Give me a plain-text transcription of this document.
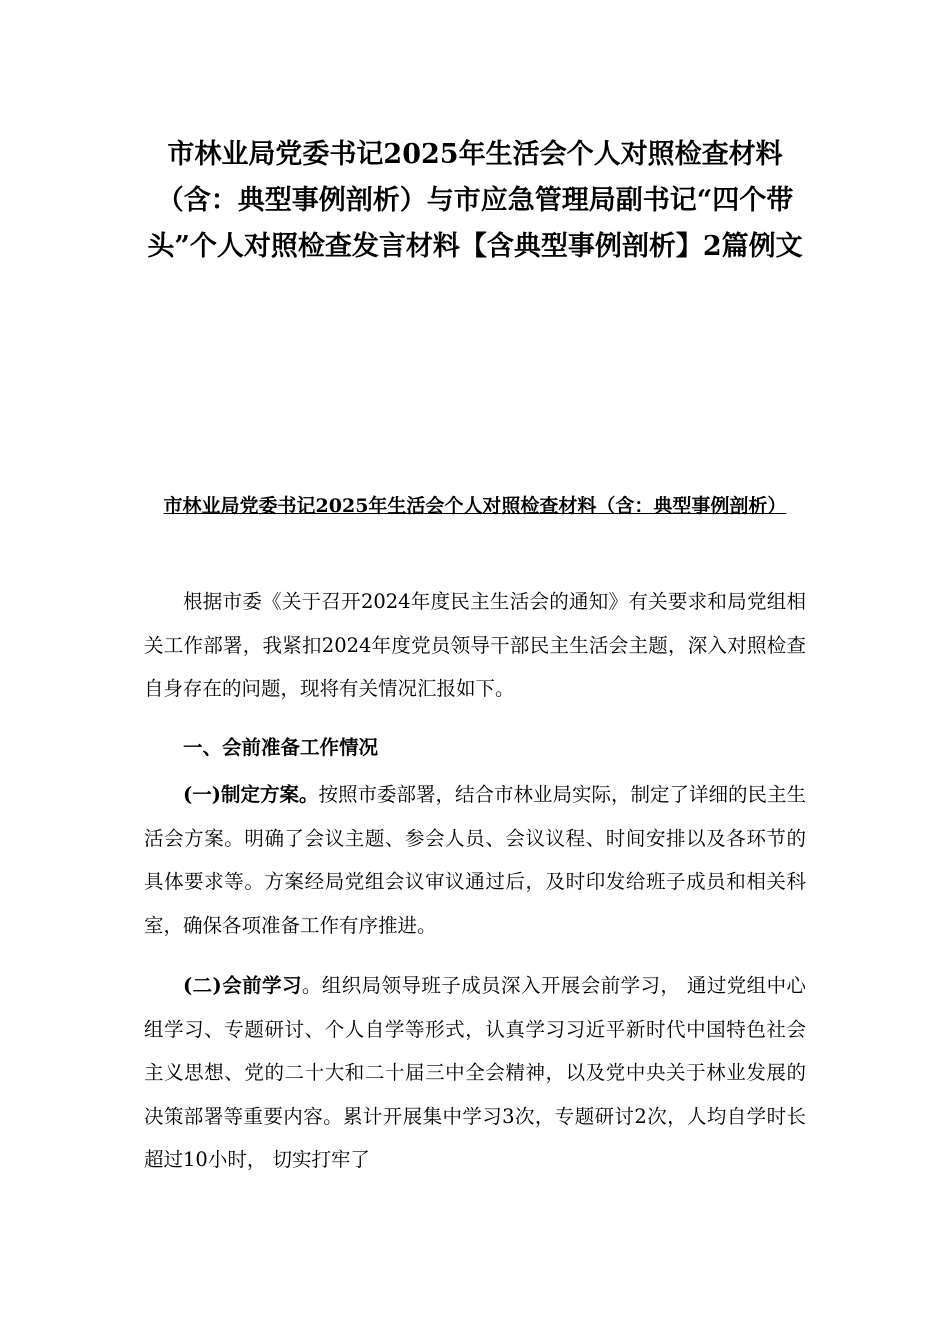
市林业局党委书记2025年生活会个人对照检查材料（含：典型事例剖析）与市应急管理局副书记“四个带头”个人对照检查发言材料【含典型事例剖析】2篇例文
市林业局党委书记2025年生活会个人对照检查材料（含：典型事例剖析）

根据市委《关于召开2024年度民主生活会的通知》有关要求和局党组相关工作部署，我紧扣2024年度党员领导干部民主生活会主题，深入对照检查自身存在的问题，现将有关情况汇报如下。

一、会前准备工作情况

(一)制定方案。按照市委部署，结合市林业局实际，制定了详细的民主生活会方案。明确了会议主题、参会人员、会议议程、时间安排以及各环节的具体要求等。方案经局党组会议审议通过后，及时印发给班子成员和相关科室，确保各项准备工作有序推进。

(二)会前学习。组织局领导班子成员深入开展会前学习， 通过党组中心组学习、专题研讨、个人自学等形式，认真学习习近平新时代中国特色社会主义思想、党的二十大和二十届三中全会精神，以及党中央关于林业发展的决策部署等重要内容。累计开展集中学习3次，专题研讨2次，人均自学时长超过10小时， 切实打牢了
